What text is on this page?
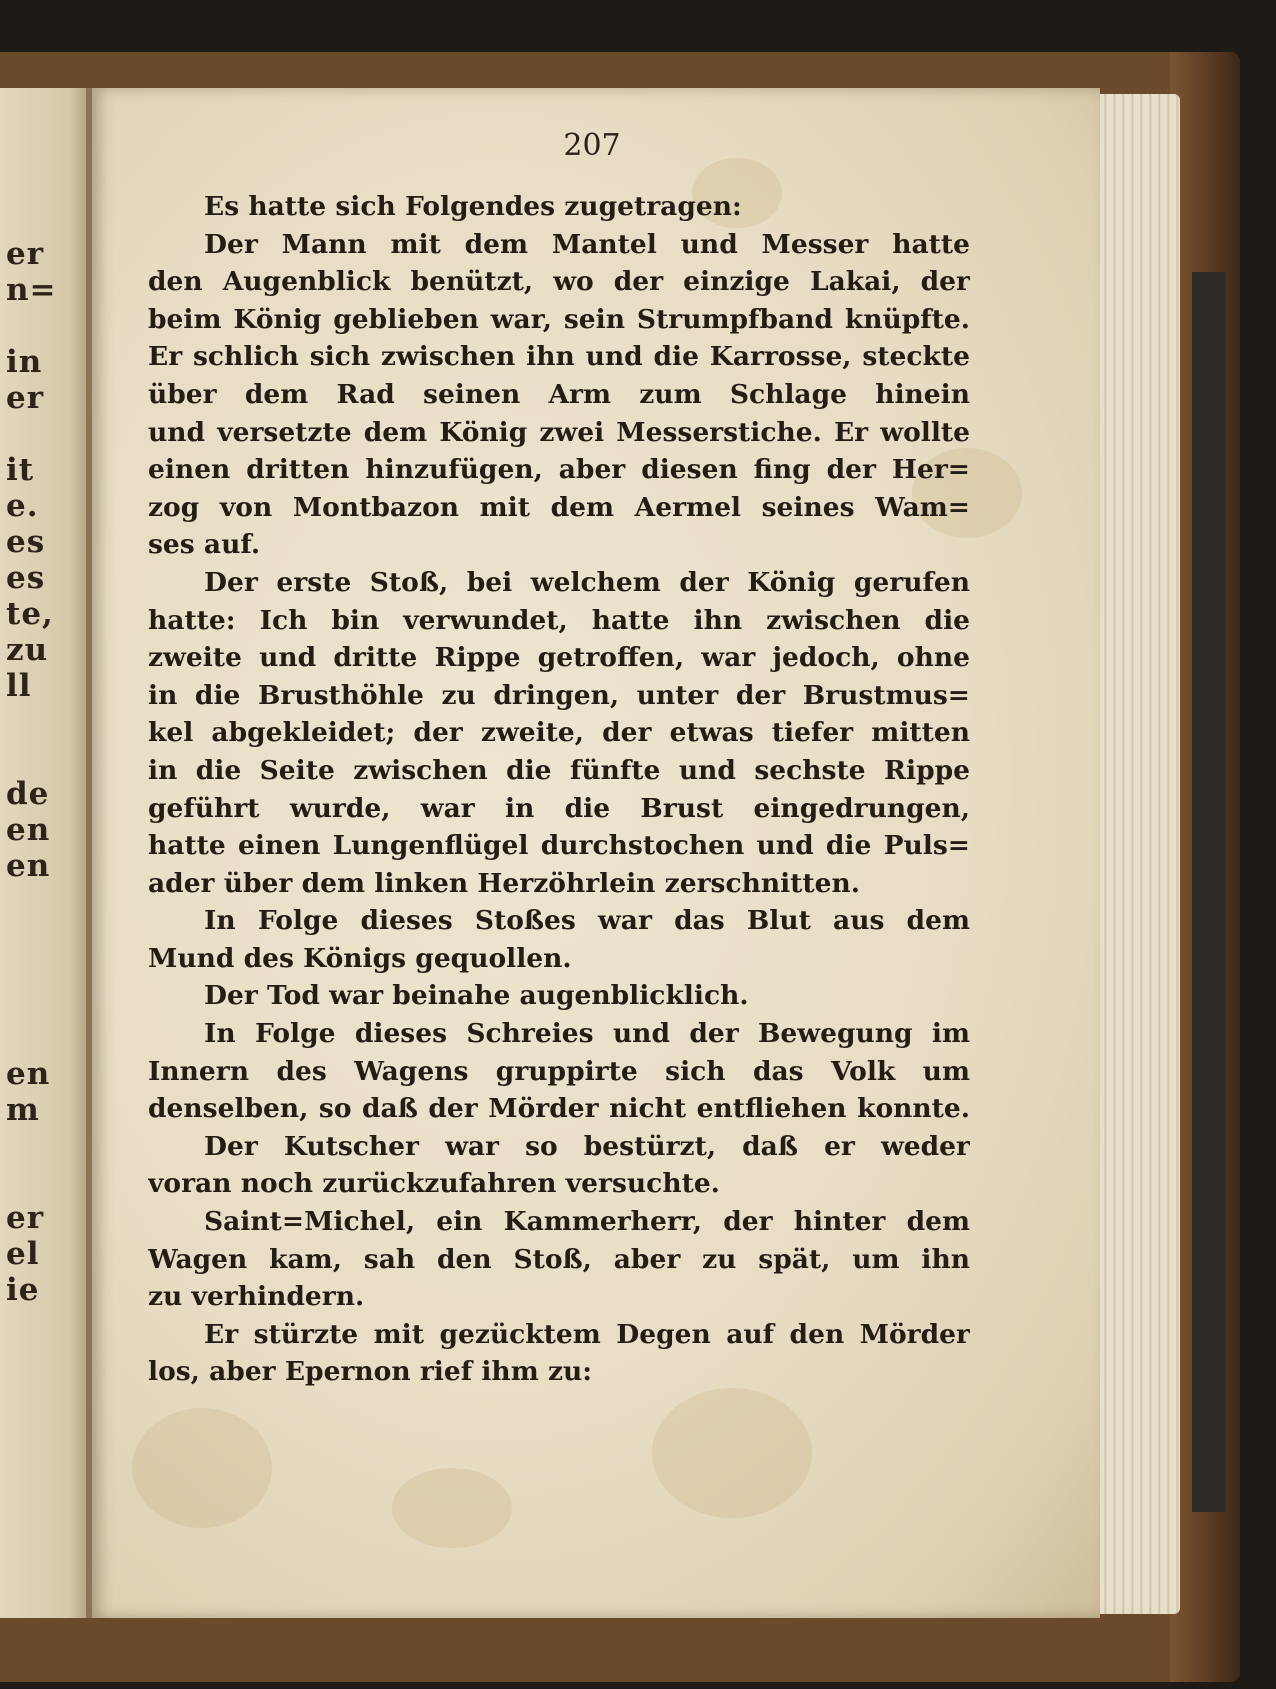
er
n=
in
er
it
e.
es
es
te,
zu
ll
de
en
en
en
m
er
el
ie
207
Es hatte sich Folgendes zugetragen:
Der Mann mit dem Mantel und Messer hatte
den Augenblick benützt, wo der einzige Lakai, der
beim König geblieben war, sein Strumpfband knüpfte.
Er schlich sich zwischen ihn und die Karrosse, steckte
über dem Rad seinen Arm zum Schlage hinein
und versetzte dem König zwei Messerstiche. Er wollte
einen dritten hinzufügen, aber diesen fing der Her=
zog von Montbazon mit dem Aermel seines Wam=
ses auf.
Der erste Stoß, bei welchem der König gerufen
hatte: Ich bin verwundet, hatte ihn zwischen die
zweite und dritte Rippe getroffen, war jedoch, ohne
in die Brusthöhle zu dringen, unter der Brustmus=
kel abgekleidet; der zweite, der etwas tiefer mitten
in die Seite zwischen die fünfte und sechste Rippe
geführt wurde, war in die Brust eingedrungen,
hatte einen Lungenflügel durchstochen und die Puls=
ader über dem linken Herzöhrlein zerschnitten.
In Folge dieses Stoßes war das Blut aus dem
Mund des Königs gequollen.
Der Tod war beinahe augenblicklich.
In Folge dieses Schreies und der Bewegung im
Innern des Wagens gruppirte sich das Volk um
denselben, so daß der Mörder nicht entfliehen konnte.
Der Kutscher war so bestürzt, daß er weder
voran noch zurückzufahren versuchte.
Saint=Michel, ein Kammerherr, der hinter dem
Wagen kam, sah den Stoß, aber zu spät, um ihn
zu verhindern.
Er stürzte mit gezücktem Degen auf den Mörder
los, aber Epernon rief ihm zu:
